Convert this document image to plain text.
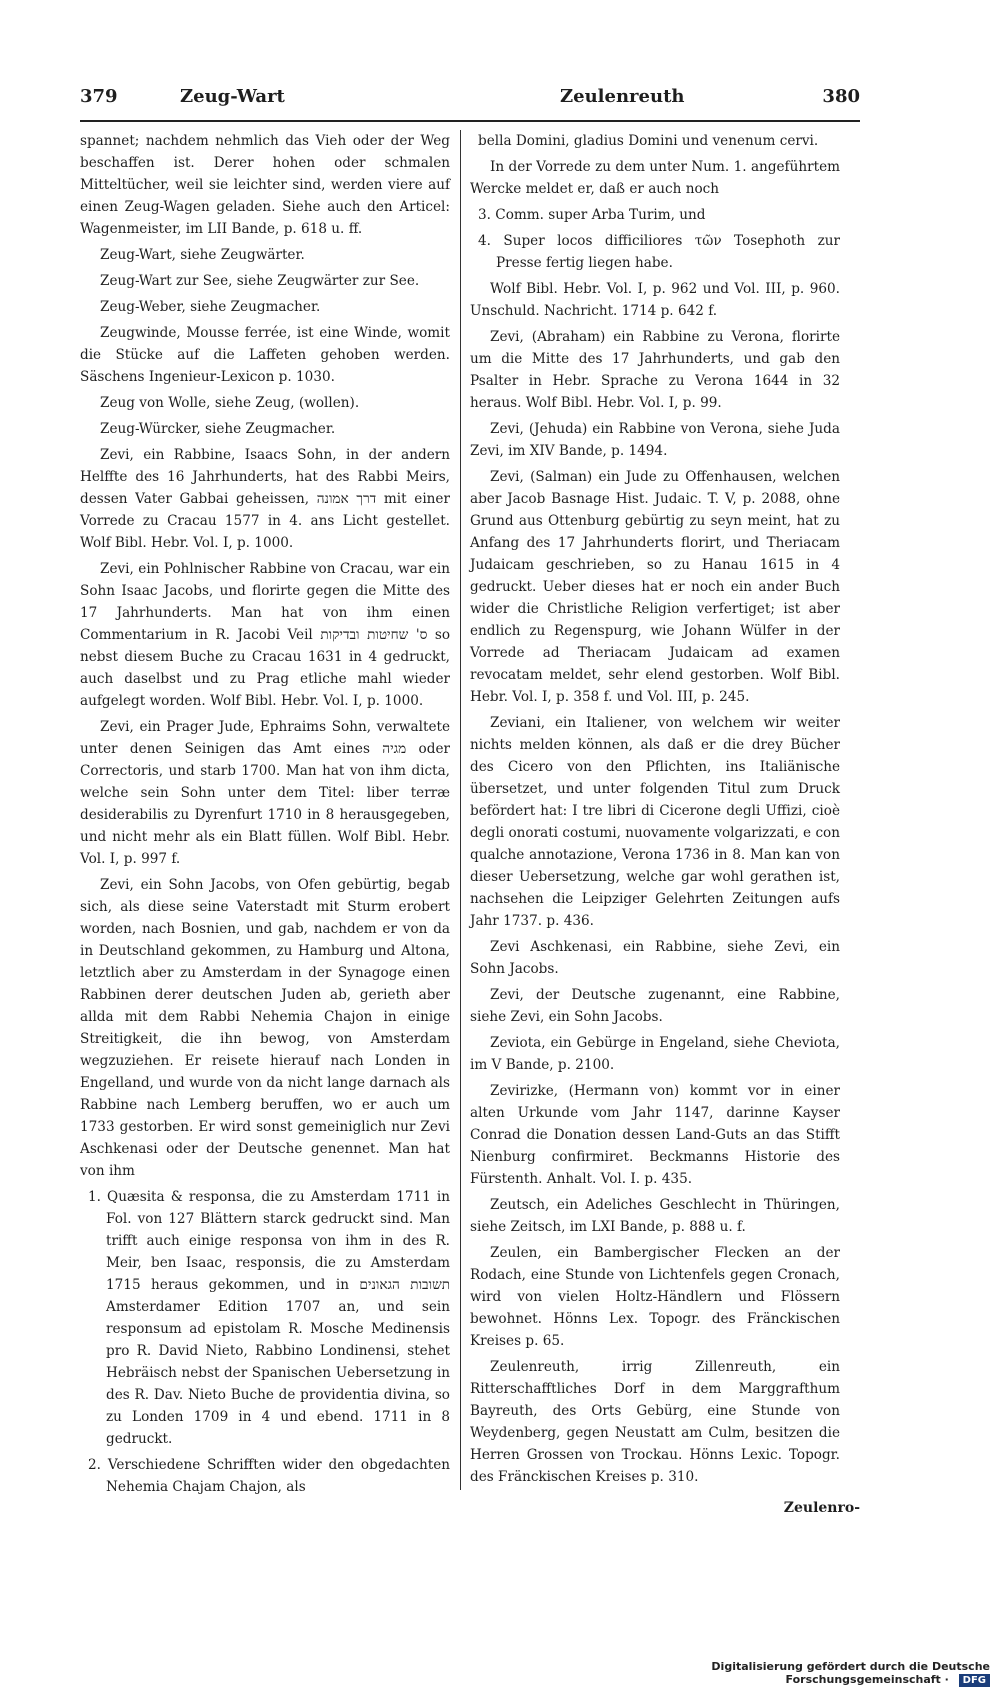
379	Zeug-Wart	Zeulenreuth	380

spannet; nachdem nehmlich das Vieh oder der Weg beschaffen ist. Derer hohen oder schmalen Mitteltücher, weil sie leichter sind, werden viere auf einen Zeug-Wagen geladen. Siehe auch den Articel: Wagenmeister, im LII Bande, p. 618 u. ff.

Zeug-Wart, siehe Zeugwärter.

Zeug-Wart zur See, siehe Zeugwärter zur See.

Zeug-Weber, siehe Zeugmacher.

Zeugwinde, Mousse ferrée, ist eine Winde, womit die Stücke auf die Laffeten gehoben werden. Säschens Ingenieur-Lexicon p. 1030.

Zeug von Wolle, siehe Zeug, (wollen).

Zeug-Würcker, siehe Zeugmacher.

Zevi, ein Rabbine, Isaacs Sohn, in der andern Helffte des 16 Jahrhunderts, hat des Rabbi Meirs, dessen Vater Gabbai geheissen, דרך אמונה mit einer Vorrede zu Cracau 1577 in 4. ans Licht gestellet. Wolf Bibl. Hebr. Vol. I, p. 1000.

Zevi, ein Pohlnischer Rabbine von Cracau, war ein Sohn Isaac Jacobs, und florirte gegen die Mitte des 17 Jahrhunderts. Man hat von ihm einen Commentarium in R. Jacobi Veil ס' שחיטות ובדיקות so nebst diesem Buche zu Cracau 1631 in 4 gedruckt, auch daselbst und zu Prag etliche mahl wieder aufgelegt worden. Wolf Bibl. Hebr. Vol. I, p. 1000.

Zevi, ein Prager Jude, Ephraims Sohn, verwaltete unter denen Seinigen das Amt eines מגיה oder Correctoris, und starb 1700. Man hat von ihm dicta, welche sein Sohn unter dem Titel: liber terræ desiderabilis zu Dyrenfurt 1710 in 8 herausgegeben, und nicht mehr als ein Blatt füllen. Wolf Bibl. Hebr. Vol. I, p. 997 f.

Zevi, ein Sohn Jacobs, von Ofen gebürtig, begab sich, als diese seine Vaterstadt mit Sturm erobert worden, nach Bosnien, und gab, nachdem er von da in Deutschland gekommen, zu Hamburg und Altona, letztlich aber zu Amsterdam in der Synagoge einen Rabbinen derer deutschen Juden ab, gerieth aber allda mit dem Rabbi Nehemia Chajon in einige Streitigkeit, die ihn bewog, von Amsterdam wegzuziehen. Er reisete hierauf nach Londen in Engelland, und wurde von da nicht lange darnach als Rabbine nach Lemberg beruffen, wo er auch um 1733 gestorben. Er wird sonst gemeiniglich nur Zevi Aschkenasi oder der Deutsche genennet. Man hat von ihm

1. Quæsita & responsa, die zu Amsterdam 1711 in Fol. von 127 Blättern starck gedruckt sind. Man trifft auch einige responsa von ihm in des R. Meir, ben Isaac, responsis, die zu Amsterdam 1715 heraus gekommen, und in תשובות הגאונים Amsterdamer Edition 1707 an, und sein responsum ad epistolam R. Mosche Medinensis pro R. David Nieto, Rabbino Londinensi, stehet Hebräisch nebst der Spanischen Uebersetzung in des R. Dav. Nieto Buche de providentia divina, so zu Londen 1709 in 4 und ebend. 1711 in 8 gedruckt.

2. Verschiedene Schrifften wider den obgedachten Nehemia Chajam Chajon, als

bella Domini, gladius Domini und venenum cervi.

In der Vorrede zu dem unter Num. 1. angeführtem Wercke meldet er, daß er auch noch

3. Comm. super Arba Turim, und

4. Super locos difficiliores τῶν Tosephoth zur Presse fertig liegen habe.

Wolf Bibl. Hebr. Vol. I, p. 962 und Vol. III, p. 960. Unschuld. Nachricht. 1714 p. 642 f.

Zevi, (Abraham) ein Rabbine zu Verona, florirte um die Mitte des 17 Jahrhunderts, und gab den Psalter in Hebr. Sprache zu Verona 1644 in 32 heraus. Wolf Bibl. Hebr. Vol. I, p. 99.

Zevi, (Jehuda) ein Rabbine von Verona, siehe Juda Zevi, im XIV Bande, p. 1494.

Zevi, (Salman) ein Jude zu Offenhausen, welchen aber Jacob Basnage Hist. Judaic. T. V, p. 2088, ohne Grund aus Ottenburg gebürtig zu seyn meint, hat zu Anfang des 17 Jahrhunderts florirt, und Theriacam Judaicam geschrieben, so zu Hanau 1615 in 4 gedruckt. Ueber dieses hat er noch ein ander Buch wider die Christliche Religion verfertiget; ist aber endlich zu Regenspurg, wie Johann Wülfer in der Vorrede ad Theriacam Judaicam ad examen revocatam meldet, sehr elend gestorben. Wolf Bibl. Hebr. Vol. I, p. 358 f. und Vol. III, p. 245.

Zeviani, ein Italiener, von welchem wir weiter nichts melden können, als daß er die drey Bücher des Cicero von den Pflichten, ins Italiänische übersetzet, und unter folgenden Titul zum Druck befördert hat: I tre libri di Cicerone degli Uffizi, cioè degli onorati costumi, nuovamente volgarizzati, e con qualche annotazione, Verona 1736 in 8. Man kan von dieser Uebersetzung, welche gar wohl gerathen ist, nachsehen die Leipziger Gelehrten Zeitungen aufs Jahr 1737. p. 436.

Zevi Aschkenasi, ein Rabbine, siehe Zevi, ein Sohn Jacobs.

Zevi, der Deutsche zugenannt, eine Rabbine, siehe Zevi, ein Sohn Jacobs.

Zeviota, ein Gebürge in Engeland, siehe Cheviota, im V Bande, p. 2100.

Zevirizke, (Hermann von) kommt vor in einer alten Urkunde vom Jahr 1147, darinne Kayser Conrad die Donation dessen Land-Guts an das Stifft Nienburg confirmiret. Beckmanns Historie des Fürstenth. Anhalt. Vol. I. p. 435.

Zeutsch, ein Adeliches Geschlecht in Thüringen, siehe Zeitsch, im LXI Bande, p. 888 u. f.

Zeulen, ein Bambergischer Flecken an der Rodach, eine Stunde von Lichtenfels gegen Cronach, wird von vielen Holtz-Händlern und Flössern bewohnet. Hönns Lex. Topogr. des Fränckischen Kreises p. 65.

Zeulenreuth, irrig Zillenreuth, ein Ritterschafftliches Dorf in dem Marggrafthum Bayreuth, des Orts Gebürg, eine Stunde von Weydenberg, gegen Neustatt am Culm, besitzen die Herren Grossen von Trockau. Hönns Lexic. Topogr. des Fränckischen Kreises p. 310.

Zeulenro-
Digitalisierung gefördert durch die Deutsche Forschungsgemeinschaft · DFG
